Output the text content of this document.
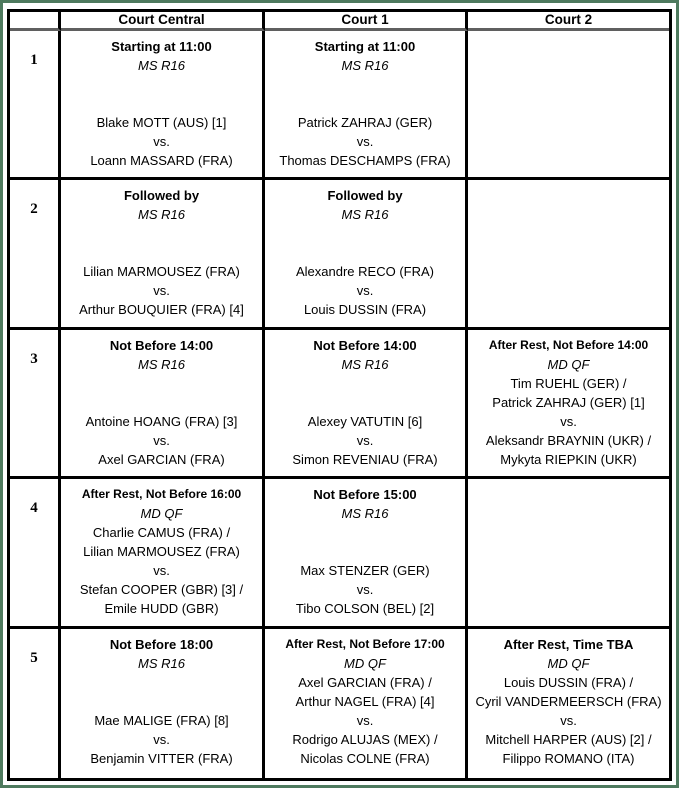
Court Central	Court 1	Court 2
1
Starting at 11:00
MS R16
Blake MOTT (AUS) [1]
vs.
Loann MASSARD (FRA)
Starting at 11:00
MS R16
Patrick ZAHRAJ (GER)
vs.
Thomas DESCHAMPS (FRA)
2
Followed by
MS R16
Lilian MARMOUSEZ (FRA)
vs.
Arthur BOUQUIER (FRA) [4]
Followed by
MS R16
Alexandre RECO (FRA)
vs.
Louis DUSSIN (FRA)
3
Not Before 14:00
MS R16
Antoine HOANG (FRA) [3]
vs.
Axel GARCIAN (FRA)
Not Before 14:00
MS R16
Alexey VATUTIN [6]
vs.
Simon REVENIAU (FRA)
After Rest, Not Before 14:00
MD QF
Tim RUEHL (GER) /
Patrick ZAHRAJ (GER) [1]
vs.
Aleksandr BRAYNIN (UKR) /
Mykyta RIEPKIN (UKR)
4
After Rest, Not Before 16:00
MD QF
Charlie CAMUS (FRA) /
Lilian MARMOUSEZ (FRA)
vs.
Stefan COOPER (GBR) [3] /
Emile HUDD (GBR)
Not Before 15:00
MS R16
Max STENZER (GER)
vs.
Tibo COLSON (BEL) [2]
5
Not Before 18:00
MS R16
Mae MALIGE (FRA) [8]
vs.
Benjamin VITTER (FRA)
After Rest, Not Before 17:00
MD QF
Axel GARCIAN (FRA) /
Arthur NAGEL (FRA) [4]
vs.
Rodrigo ALUJAS (MEX) /
Nicolas COLNE (FRA)
After Rest, Time TBA
MD QF
Louis DUSSIN (FRA) /
Cyril VANDERMEERSCH (FRA)
vs.
Mitchell HARPER (AUS) [2] /
Filippo ROMANO (ITA)
